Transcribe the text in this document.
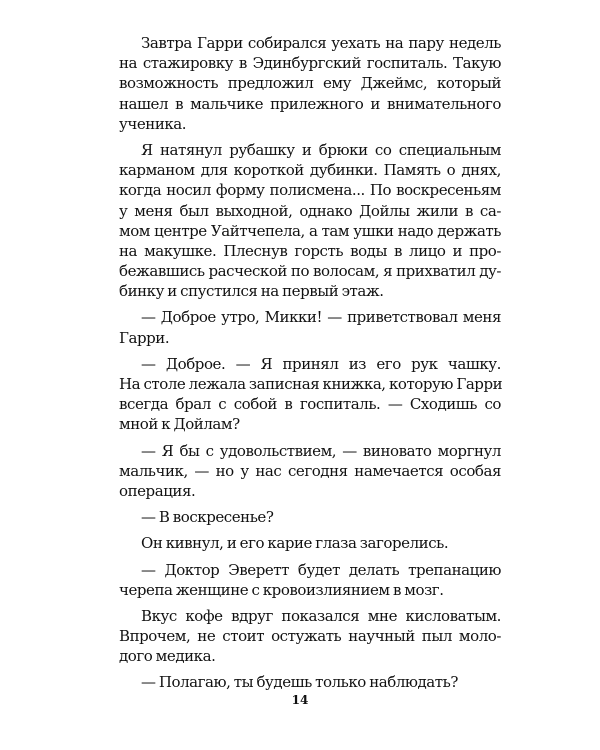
Завтра Гарри собирался уехать на пару недель
на стажировку в Эдинбургский госпиталь. Такую
возможность предложил ему Джеймс, который
нашел в мальчике прилежного и внимательного
ученика.
Я натянул рубашку и брюки со специальным
карманом для короткой дубинки. Память о днях,
когда носил форму полисмена... По воскресеньям
у меня был выходной, однако Дойлы жили в са-
мом центре Уайтчепела, а там ушки надо держать
на макушке. Плеснув горсть воды в лицо и про-
бежавшись расческой по волосам, я прихватил ду-
бинку и спустился на первый этаж.
— Доброе утро, Микки! — приветствовал меня
Гарри.
— Доброе. — Я принял из его рук чашку.
На столе лежала записная книжка, которую Гарри
всегда брал с собой в госпиталь. — Сходишь со
мной к Дойлам?
— Я бы с удовольствием, — виновато моргнул
мальчик, — но у нас сегодня намечается особая
операция.
— В воскресенье?
Он кивнул, и его карие глаза загорелись.
— Доктор Эверетт будет делать трепанацию
черепа женщине с кровоизлиянием в мозг.
Вкус кофе вдруг показался мне кисловатым.
Впрочем, не стоит остужать научный пыл моло-
дого медика.
— Полагаю, ты будешь только наблюдать?
14
